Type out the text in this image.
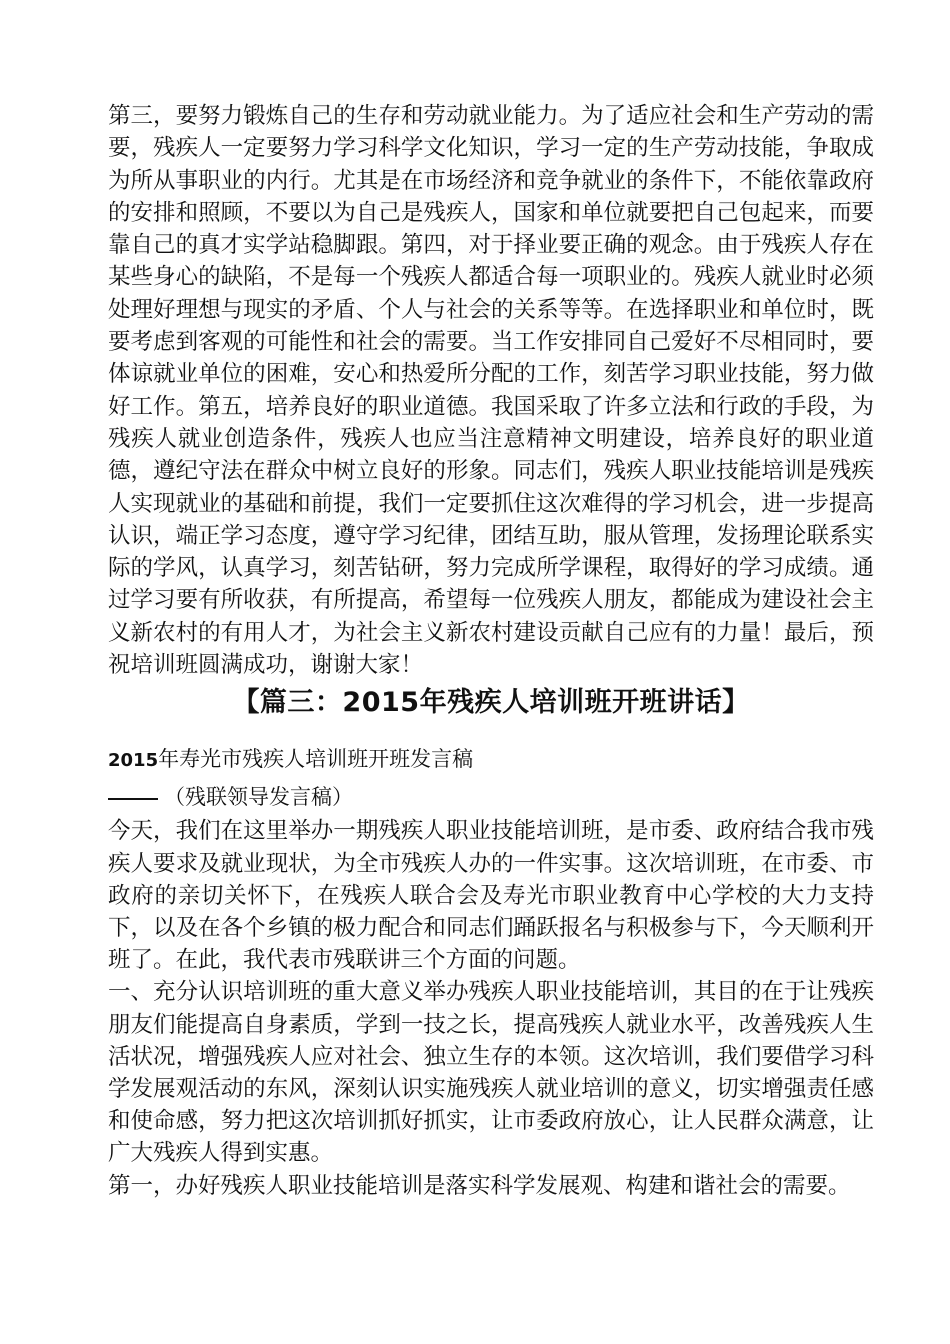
第三，要努力锻炼自己的生存和劳动就业能力。为了适应社会和生产劳动的需要，残疾人一定要努力学习科学文化知识，学习一定的生产劳动技能，争取成为所从事职业的内行。尤其是在市场经济和竞争就业的条件下，不能依靠政府的安排和照顾，不要以为自己是残疾人，国家和单位就要把自己包起来，而要靠自己的真才实学站稳脚跟。第四，对于择业要正确的观念。由于残疾人存在某些身心的缺陷，不是每一个残疾人都适合每一项职业的。残疾人就业时必须处理好理想与现实的矛盾、个人与社会的关系等等。在选择职业和单位时，既要考虑到客观的可能性和社会的需要。当工作安排同自己爱好不尽相同时，要体谅就业单位的困难，安心和热爱所分配的工作，刻苦学习职业技能，努力做好工作。第五，培养良好的职业道德。我国采取了许多立法和行政的手段，为残疾人就业创造条件，残疾人也应当注意精神文明建设，培养良好的职业道德，遵纪守法在群众中树立良好的形象。同志们，残疾人职业技能培训是残疾人实现就业的基础和前提，我们一定要抓住这次难得的学习机会，进一步提高认识，端正学习态度，遵守学习纪律，团结互助，服从管理，发扬理论联系实际的学风，认真学习，刻苦钻研，努力完成所学课程，取得好的学习成绩。通过学习要有所收获，有所提高，希望每一位残疾人朋友，都能成为建设社会主义新农村的有用人才，为社会主义新农村建设贡献自己应有的力量！最后，预祝培训班圆满成功，谢谢大家！

【篇三：2015年残疾人培训班开班讲话】

2015年寿光市残疾人培训班开班发言稿

（残联领导发言稿）

今天，我们在这里举办一期残疾人职业技能培训班，是市委、政府结合我市残疾人要求及就业现状，为全市残疾人办的一件实事。这次培训班，在市委、市政府的亲切关怀下，在残疾人联合会及寿光市职业教育中心学校的大力支持下，以及在各个乡镇的极力配合和同志们踊跃报名与积极参与下，今天顺利开班了。在此，我代表市残联讲三个方面的问题。

一、充分认识培训班的重大意义举办残疾人职业技能培训，其目的在于让残疾朋友们能提高自身素质，学到一技之长，提高残疾人就业水平，改善残疾人生活状况，增强残疾人应对社会、独立生存的本领。这次培训，我们要借学习科学发展观活动的东风，深刻认识实施残疾人就业培训的意义，切实增强责任感和使命感，努力把这次培训抓好抓实，让市委政府放心，让人民群众满意，让广大残疾人得到实惠。

第一，办好残疾人职业技能培训是落实科学发展观、构建和谐社会的需要。
